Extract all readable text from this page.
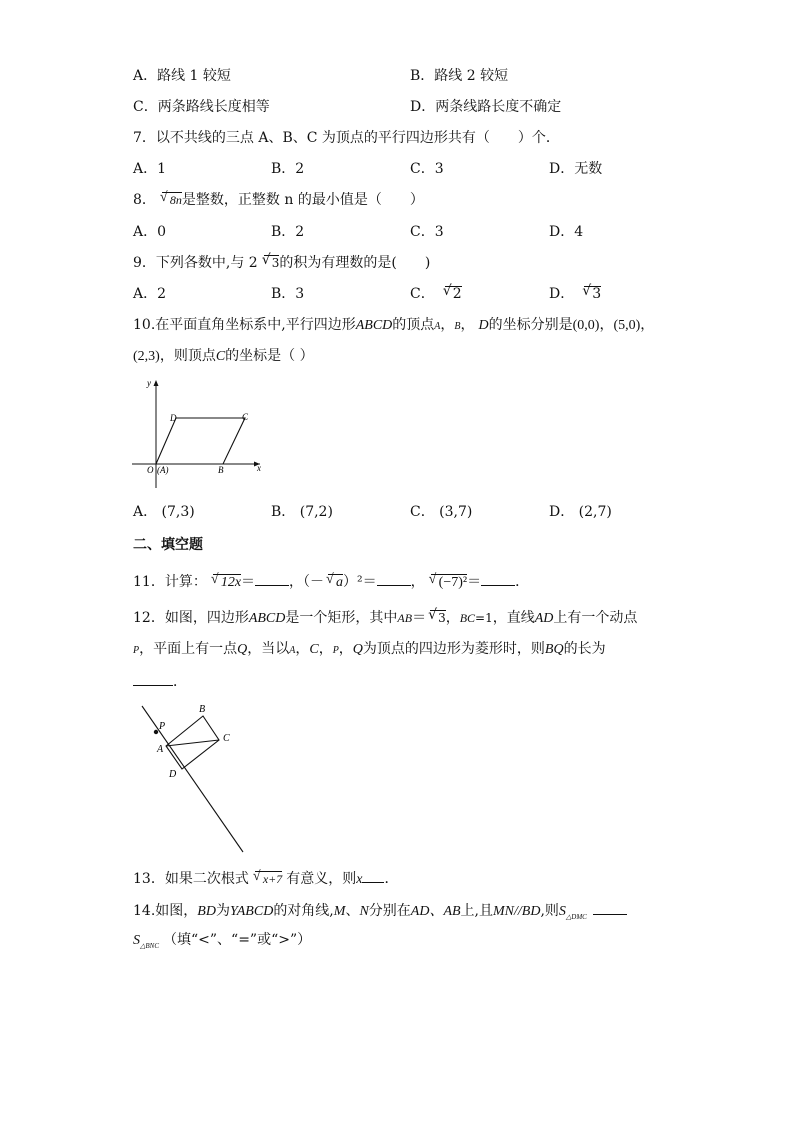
A．路线 1 较短	B．路线 2 较短
C．两条路线长度相等	D．两条线路长度不确定
7．以不共线的三点 A、B、C 为顶点的平行四边形共有（　　）个．
A．1	B．2	C．3	D．无数
8． √ 8n是整数，正整数 n 的最小值是（　　）
A．0	B．2	C．3	D．4
9．下列各数中,与 2 √ 3的积为有理数的是(　　)
A．2	B．3	C． √ 2	D． √ 3
10.在平面直角坐标系中,平行四边形ABCD的顶点A，B， D的坐标分别是(0,0)，(5,0)，
(2,3)，则顶点C的坐标是（ ）
y
x
D	C
O (A)	B
A． (7,3)	B． (7,2)	C． (3,7)	D． (2,7)
二、填空题
11．计算： √ 12x＝ ，（－ √ a）²＝ ， √ (−7)²＝ ．
12．如图，四边形ABCD是一个矩形，其中AB＝ √ 3，BC=1，直线AD上有一个动点
P，平面上有一点Q，当以A，C，P，Q为顶点的四边形为菱形时，则BQ的长为
．
P
B
C
A
D
13．如果二次根式 √ x+7 有意义，则x ．
14.如图，BD为YABCD的对角线,M、N分别在AD、AB上,且MN//BD,则$S_{\triangle DMC}$
$S_{\triangle BNC}$ （填“<”、“=”或“>”）
